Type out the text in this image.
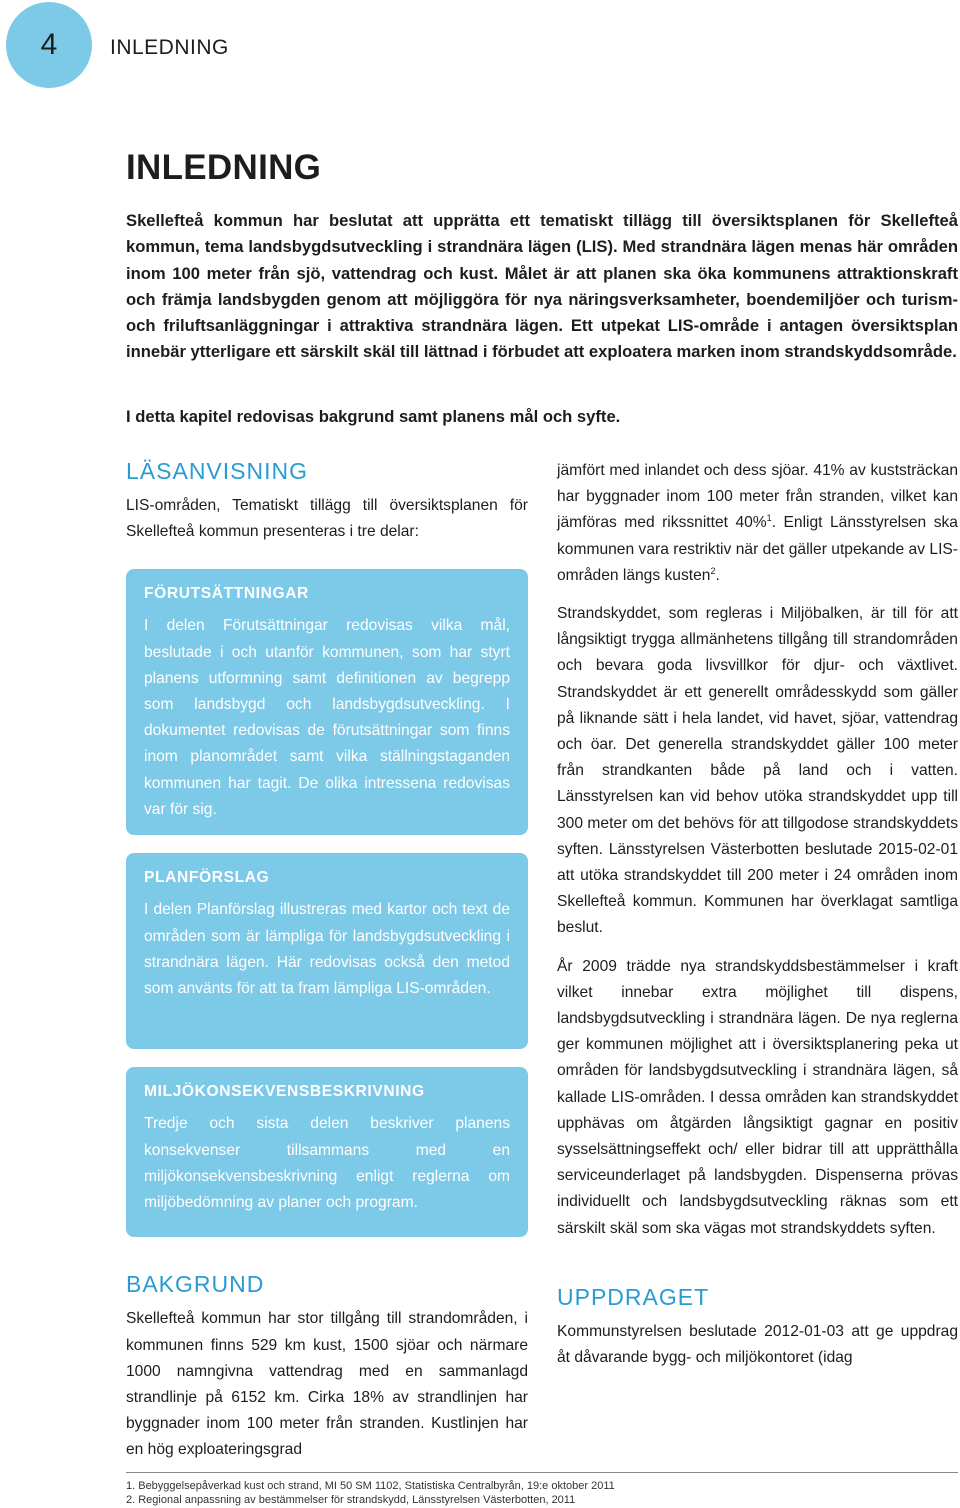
4	INLEDNING
INLEDNING

Skellefteå kommun har beslutat att upprätta ett tematiskt tillägg till översiktsplanen för Skellefteå kommun, tema landsbygdsutveckling i strandnära lägen (LIS). Med strandnära lägen menas här områden inom 100 meter från sjö, vattendrag och kust. Målet är att planen ska öka kommunens attraktionskraft och främja landsbygden genom att möjliggöra för nya näringsverksamheter, boendemiljöer och turism- och friluftsanläggningar i attraktiva strandnära lägen. Ett utpekat LIS-område i antagen översiktsplan innebär ytterligare ett särskilt skäl till lättnad i förbudet att exploatera marken inom strandskyddsområde.

I detta kapitel redovisas bakgrund samt planens mål och syfte.

LÄSANVISNING

LIS-områden, Tematiskt tillägg till översiktsplanen för Skellefteå kommun presenteras i tre delar:

FÖRUTSÄTTNINGAR

I delen Förutsättningar redovisas vilka mål, beslutade i och utanför kommunen, som har styrt planens utformning samt definitionen av begrepp som landsbygd och landsbygdsutveckling. I dokumentet redovisas de förutsättningar som finns inom planområdet samt vilka ställningstaganden kommunen har tagit. De olika intressena redovisas var för sig.

PLANFÖRSLAG

I delen Planförslag illustreras med kartor och text de områden som är lämpliga för landsbygdsutveckling i strandnära lägen. Här redovisas också den metod som använts för att ta fram lämpliga LIS-områden.

MILJÖKONSEKVENSBESKRIVNING

Tredje och sista delen beskriver planens konsekvenser tillsammans med en miljökonsekvensbeskrivning enligt reglerna om miljöbedömning av planer och program.

BAKGRUND

Skellefteå kommun har stor tillgång till strandområden, i kommunen finns 529 km kust, 1500 sjöar och närmare 1000 namngivna vattendrag med en sammanlagd strandlinje på 6152 km. Cirka 18% av strandlinjen har byggnader inom 100 meter från stranden. Kustlinjen har en hög exploateringsgrad

jämfört med inlandet och dess sjöar. 41% av kuststräckan har byggnader inom 100 meter från stranden, vilket kan jämföras med rikssnittet 40%$^1$. Enligt Länsstyrelsen ska kommunen vara restriktiv när det gäller utpekande av LIS-områden längs kusten$^2$.

Strandskyddet, som regleras i Miljöbalken, är till för att långsiktigt trygga allmänhetens tillgång till strandområden och bevara goda livsvillkor för djur- och växtlivet. Strandskyddet är ett generellt områdesskydd som gäller på liknande sätt i hela landet, vid havet, sjöar, vattendrag och öar. Det generella strandskyddet gäller 100 meter från strandkanten både på land och i vatten. Länsstyrelsen kan vid behov utöka strandskyddet upp till 300 meter om det behövs för att tillgodose strandskyddets syften. Länsstyrelsen Västerbotten beslutade 2015-02-01 att utöka strandskyddet till 200 meter i 24 områden inom Skellefteå kommun. Kommunen har överklagat samtliga beslut.

År 2009 trädde nya strandskyddsbestämmelser i kraft vilket innebar extra möjlighet till dispens, landsbygdsutveckling i strandnära lägen. De nya reglerna ger kommunen möjlighet att i översiktsplanering peka ut områden för landsbygdsutveckling i strandnära lägen, så kallade LIS-områden. I dessa områden kan strandskyddet upphävas om åtgärden långsiktigt gagnar en positiv sysselsättningseffekt och/ eller bidrar till att upprätthålla serviceunderlaget på landsbygden. Dispenserna prövas individuellt och landsbygdsutveckling räknas som ett särskilt skäl som ska vägas mot strandskyddets syften.

UPPDRAGET

Kommunstyrelsen beslutade 2012-01-03 att ge uppdrag åt dåvarande bygg- och miljökontoret (idag

1. Bebyggelsepåverkad kust och strand, MI 50 SM 1102, Statistiska Centralbyrån, 19:e oktober 2011
2. Regional anpassning av bestämmelser för strandskydd, Länsstyrelsen Västerbotten, 2011
